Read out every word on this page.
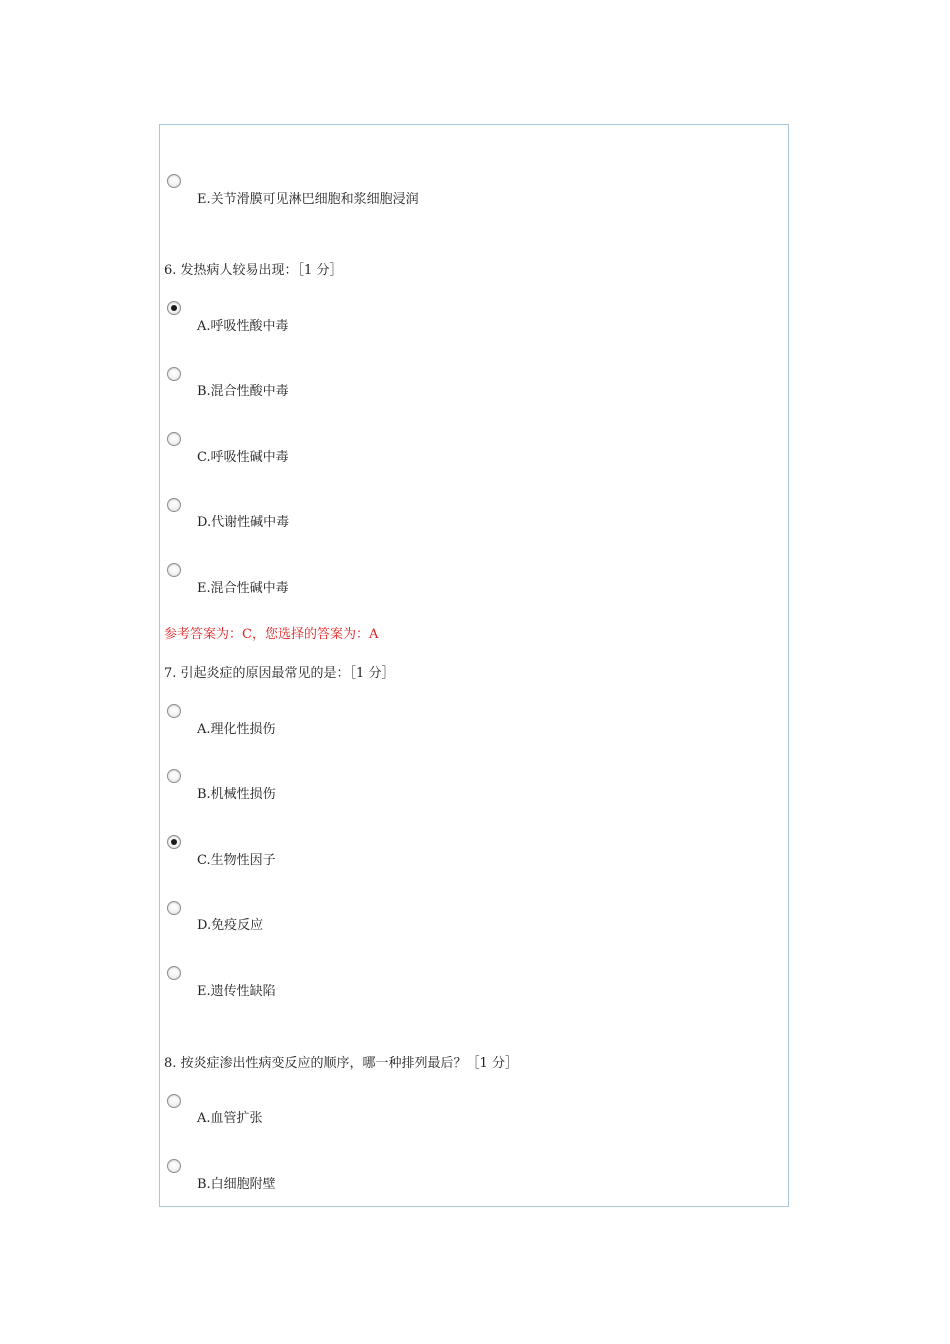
E.关节滑膜可见淋巴细胞和浆细胞浸润
6. 发热病人较易出现：［1 分］
A.呼吸性酸中毒
B.混合性酸中毒
C.呼吸性碱中毒
D.代谢性碱中毒
E.混合性碱中毒
参考答案为：C，您选择的答案为：A
7. 引起炎症的原因最常见的是：［1 分］
A.理化性损伤
B.机械性损伤
C.生物性因子
D.免疫反应
E.遗传性缺陷
8. 按炎症渗出性病变反应的顺序，哪一种排列最后？［1 分］
A.血管扩张
B.白细胞附壁
